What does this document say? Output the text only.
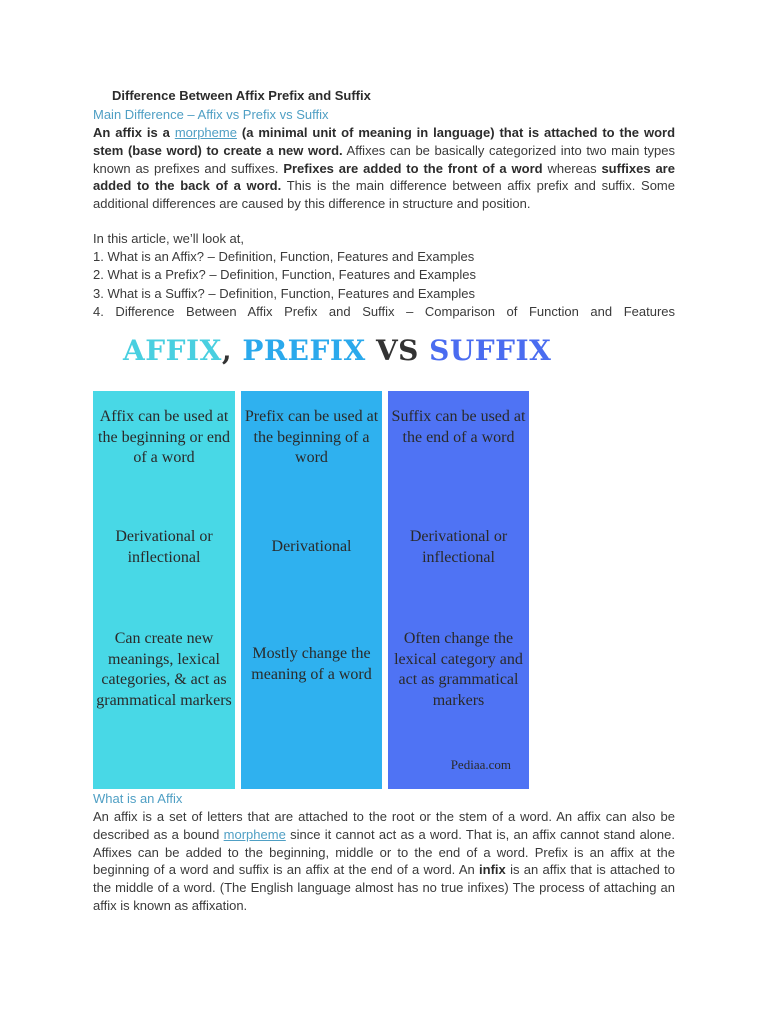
Difference Between Affix Prefix and Suffix
Main Difference – Affix vs Prefix vs Suffix

An affix is a morpheme (a minimal unit of meaning in language) that is attached to the word stem (base word) to create a new word. Affixes can be basically categorized into two main types known as prefixes and suffixes. Prefixes are added to the front of a word whereas suffixes are added to the back of a word. This is the main difference between affix prefix and suffix. Some additional differences are caused by this difference in structure and position.

In this article, we’ll look at,

1. What is an Affix? – Definition, Function, Features and Examples
2. What is a Prefix? – Definition, Function, Features and Examples
3. What is a Suffix? – Definition, Function, Features and Examples
4. Difference Between Affix Prefix and Suffix – Comparison of Function and Features
AFFIX, PREFIX VS SUFFIX
Affix can be used at the beginning or end of a word
Derivational or inflectional
Can create new meanings, lexical categories, & act as grammatical markers
Prefix can be used at the beginning of a word
Derivational
Mostly change the meaning of a word
Suffix can be used at the end of a word
Derivational or inflectional
Often change the lexical category and act as grammatical markers
Pediaa.com
What is an Affix

An affix is a set of letters that are attached to the root or the stem of a word. An affix can also be described as a bound morpheme since it cannot act as a word. That is, an affix cannot stand alone. Affixes can be added to the beginning, middle or to the end of a word. Prefix is an affix at the beginning of a word and suffix is an affix at the end of a word. An infix is an affix that is attached to the middle of a word. (The English language almost has no true infixes) The process of attaching an affix is known as affixation.
